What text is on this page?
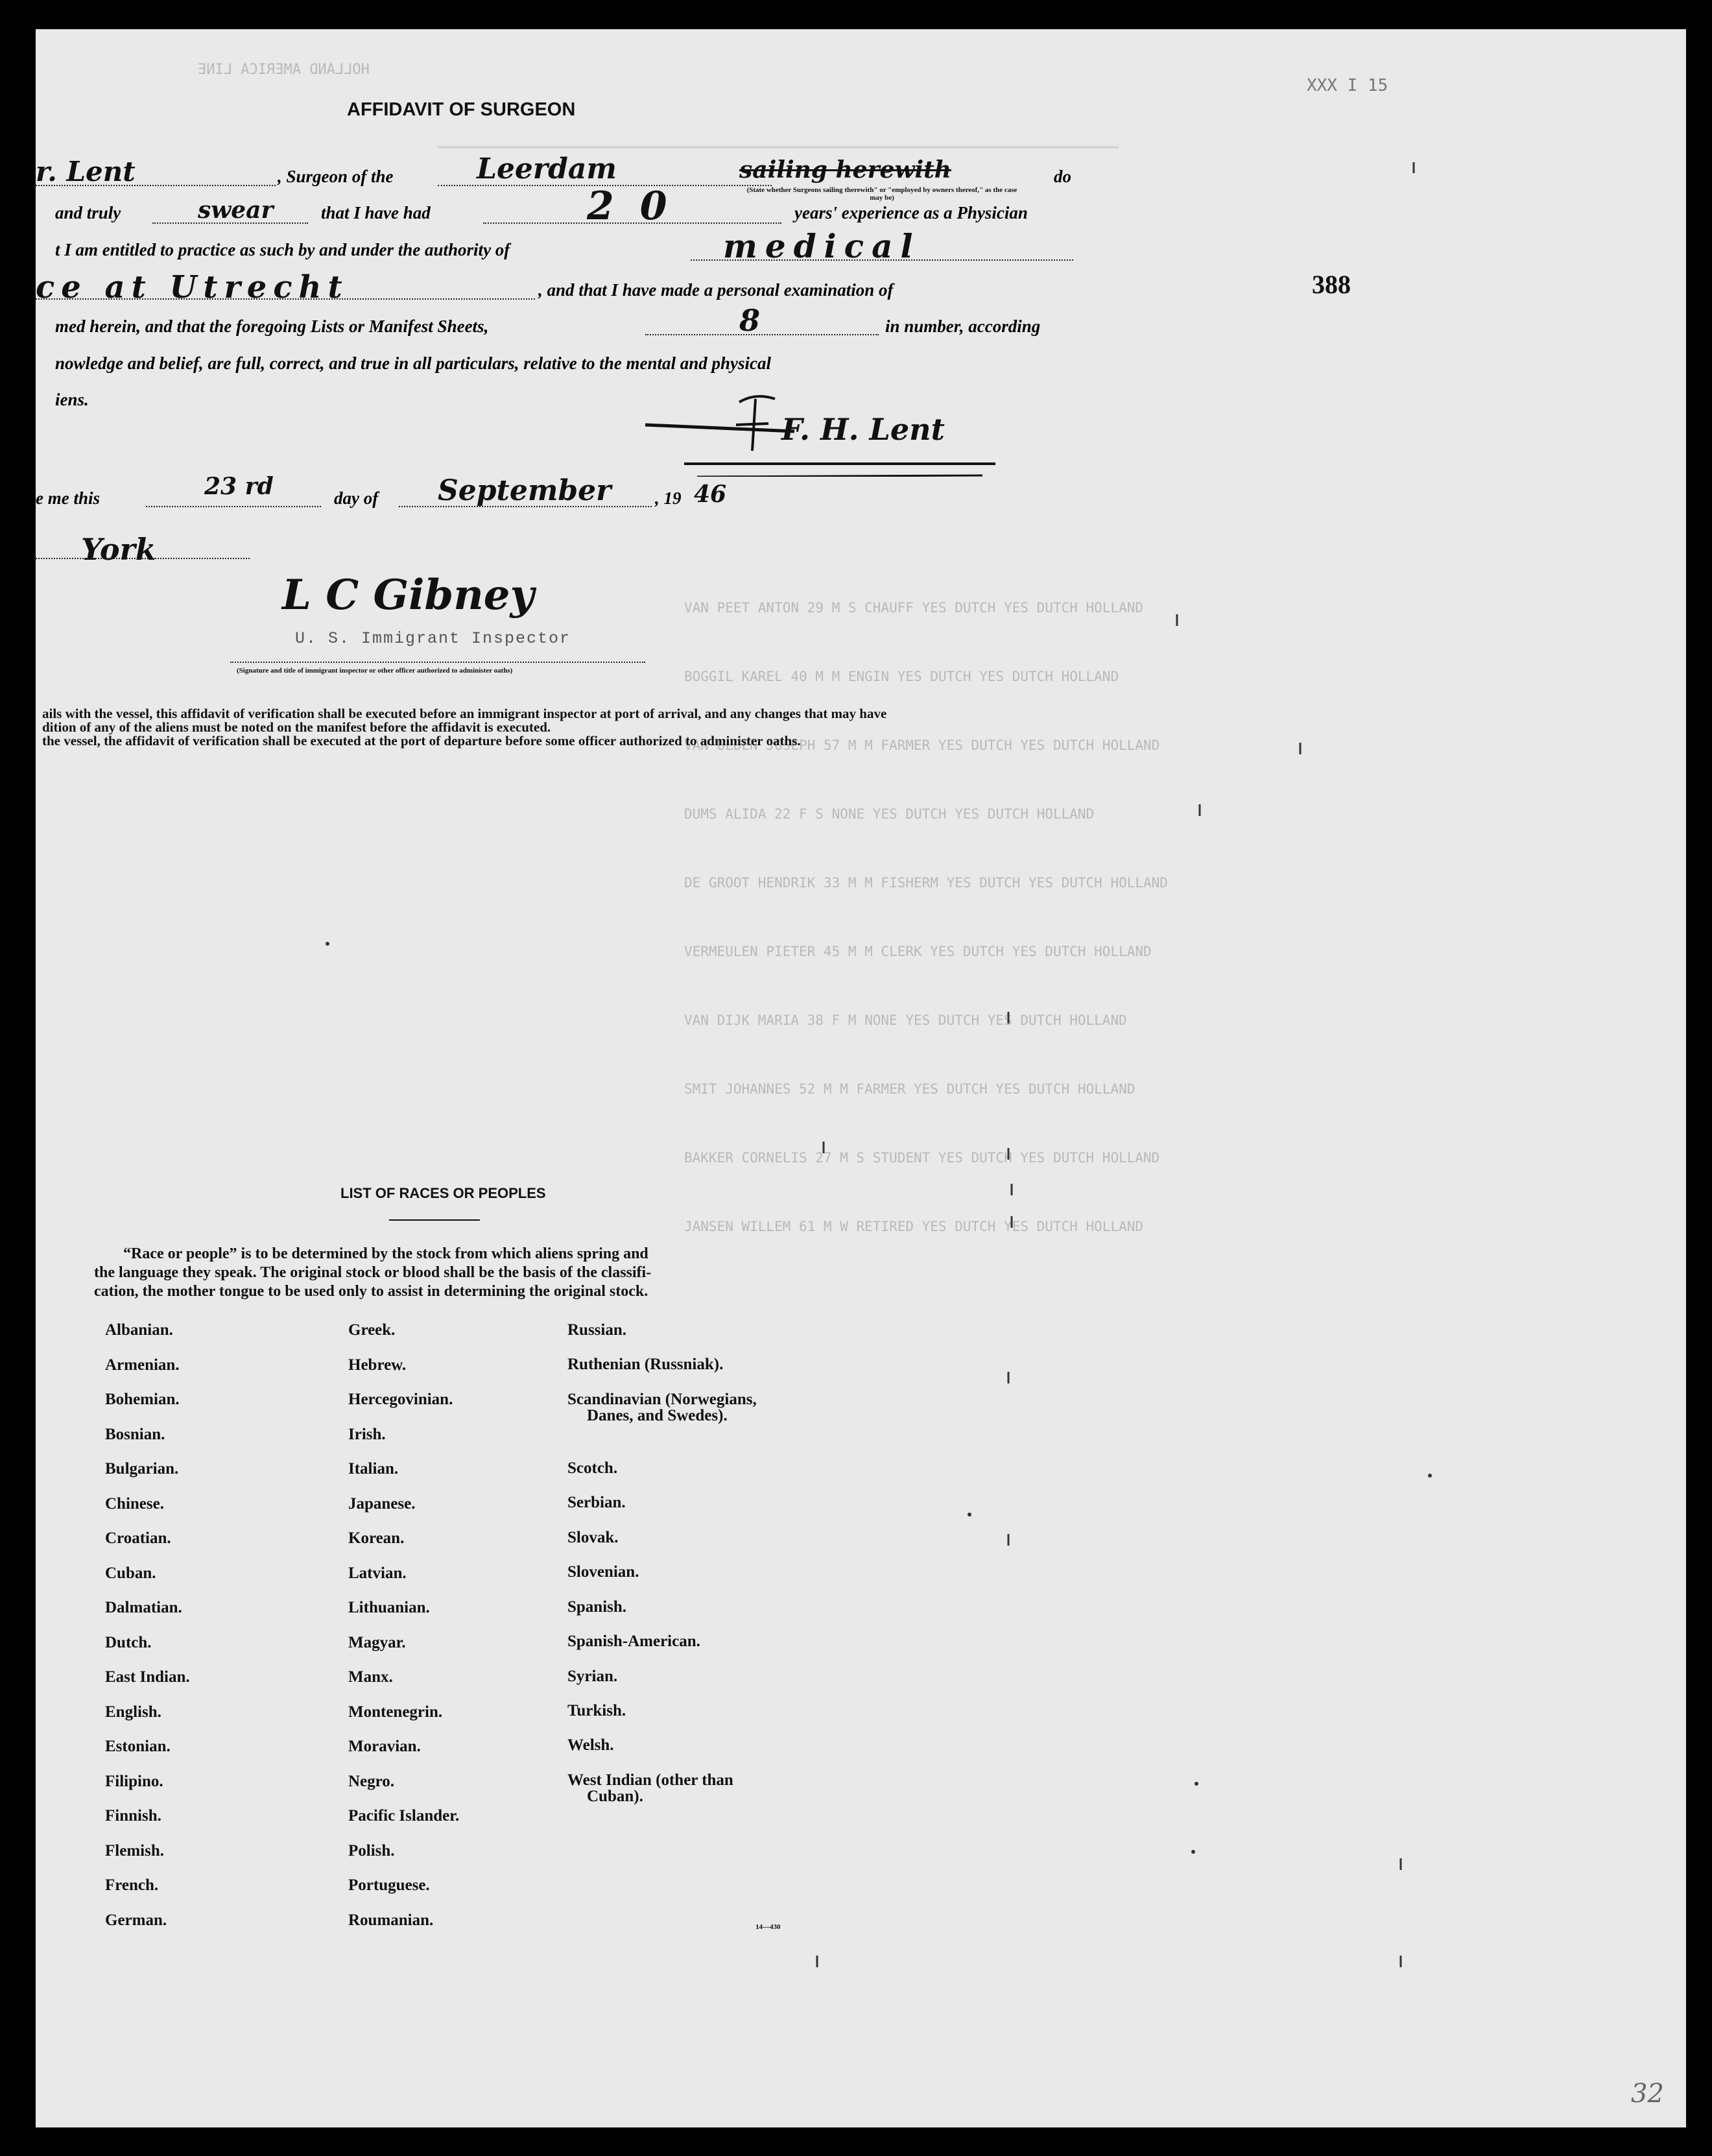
HOLLAND AMERICA LINE
XXX I 15
VAN PEET ANTON 29 M S CHAUFF YES DUTCH YES DUTCH HOLLAND
BOGGIL KAREL 40 M M ENGIN YES DUTCH YES DUTCH HOLLAND
VAN ULDEN JOSEPH 57 M M FARMER YES DUTCH YES DUTCH HOLLAND
DUMS ALIDA 22 F S NONE YES DUTCH YES DUTCH HOLLAND
DE GROOT HENDRIK 33 M M FISHERM YES DUTCH YES DUTCH HOLLAND
VERMEULEN PIETER 45 M M CLERK YES DUTCH YES DUTCH HOLLAND
VAN DIJK MARIA 38 F M NONE YES DUTCH YES DUTCH HOLLAND
SMIT JOHANNES 52 M M FARMER YES DUTCH YES DUTCH HOLLAND
BAKKER CORNELIS 27 M S STUDENT YES DUTCH YES DUTCH HOLLAND
JANSEN WILLEM 61 M W RETIRED YES DUTCH YES DUTCH HOLLAND
388
AFFIDAVIT OF SURGEON
r. Lent	, Surgeon of the	Leerdam	sailing herewith	do
(State whether Surgeons sailing therewith" or "employed by owners thereof," as the case may be)
and truly	swear	that I have had	20	years' experience as a Physician
t I am entitled to practice as such by and under the authority of	medical
ce at Utrecht	, and that I have made a personal examination of
med herein, and that the foregoing Lists or Manifest Sheets,	8	in number, according
nowledge and belief, are full, correct, and true in all particulars, relative to the mental and physical
iens.
F. H. Lent
e me this	23 rd	day of September	, 19 46
York
L C Gibney
U. S. Immigrant Inspector
(Signature and title of immigrant inspector or other officer authorized to administer oaths)
ails with the vessel, this affidavit of verification shall be executed before an immigrant inspector at port of arrival, and any changes that may have
dition of any of the aliens must be noted on the manifest before the affidavit is executed.
the vessel, the affidavit of verification shall be executed at the port of departure before some officer authorized to administer oaths.
LIST OF RACES OR PEOPLES
“Race or people” is to be determined by the stock from which aliens spring and
the language they speak. The original stock or blood shall be the basis of the classifi-
cation, the mother tongue to be used only to assist in determining the original stock.
Albanian.
Armenian.
Bohemian.
Bosnian.
Bulgarian.
Chinese.
Croatian.
Cuban.
Dalmatian.
Dutch.
East Indian.
English.
Estonian.
Filipino.
Finnish.
Flemish.
French.
German.
Greek.
Hebrew.
Hercegovinian.
Irish.
Italian.
Japanese.
Korean.
Latvian.
Lithuanian.
Magyar.
Manx.
Montenegrin.
Moravian.
Negro.
Pacific Islander.
Polish.
Portuguese.
Roumanian.
Russian.
Ruthenian (Russniak).
Scandinavian (Norwegians,
Danes, and Swedes).
Scotch.
Serbian.
Slovak.
Slovenian.
Spanish.
Spanish-American.
Syrian.
Turkish.
Welsh.
West Indian (other than
Cuban).
14—430
32
